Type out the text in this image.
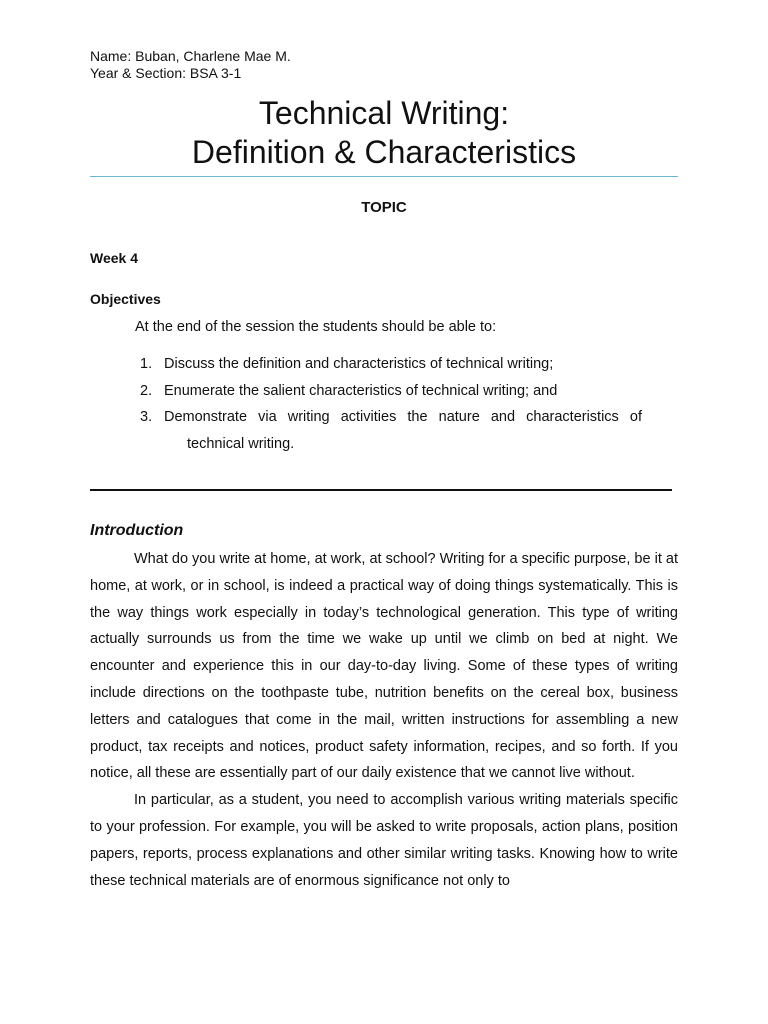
Name: Buban, Charlene Mae M.
Year & Section: BSA 3-1
Technical Writing:
Definition & Characteristics
TOPIC
Week 4
Objectives
At the end of the session the students should be able to:
1. Discuss the definition and characteristics of technical writing;
2. Enumerate the salient characteristics of technical writing; and
3. Demonstrate via writing activities the nature and characteristics of
technical writing.
Introduction

What do you write at home, at work, at school? Writing for a specific purpose, be it at home, at work, or in school, is indeed a practical way of doing things systematically. This is the way things work especially in today’s technological generation. This type of writing actually surrounds us from the time we wake up until we climb on bed at night. We encounter and experience this in our day-to-day living. Some of these types of writing include directions on the toothpaste tube, nutrition benefits on the cereal box, business letters and catalogues that come in the mail, written instructions for assembling a new product, tax receipts and notices, product safety information, recipes, and so forth. If you notice, all these are essentially part of our daily existence that we cannot live without.

In particular, as a student, you need to accomplish various writing materials specific to your profession. For example, you will be asked to write proposals, action plans, position papers, reports, process explanations and other similar writing tasks. Knowing how to write these technical materials are of enormous significance not only to
